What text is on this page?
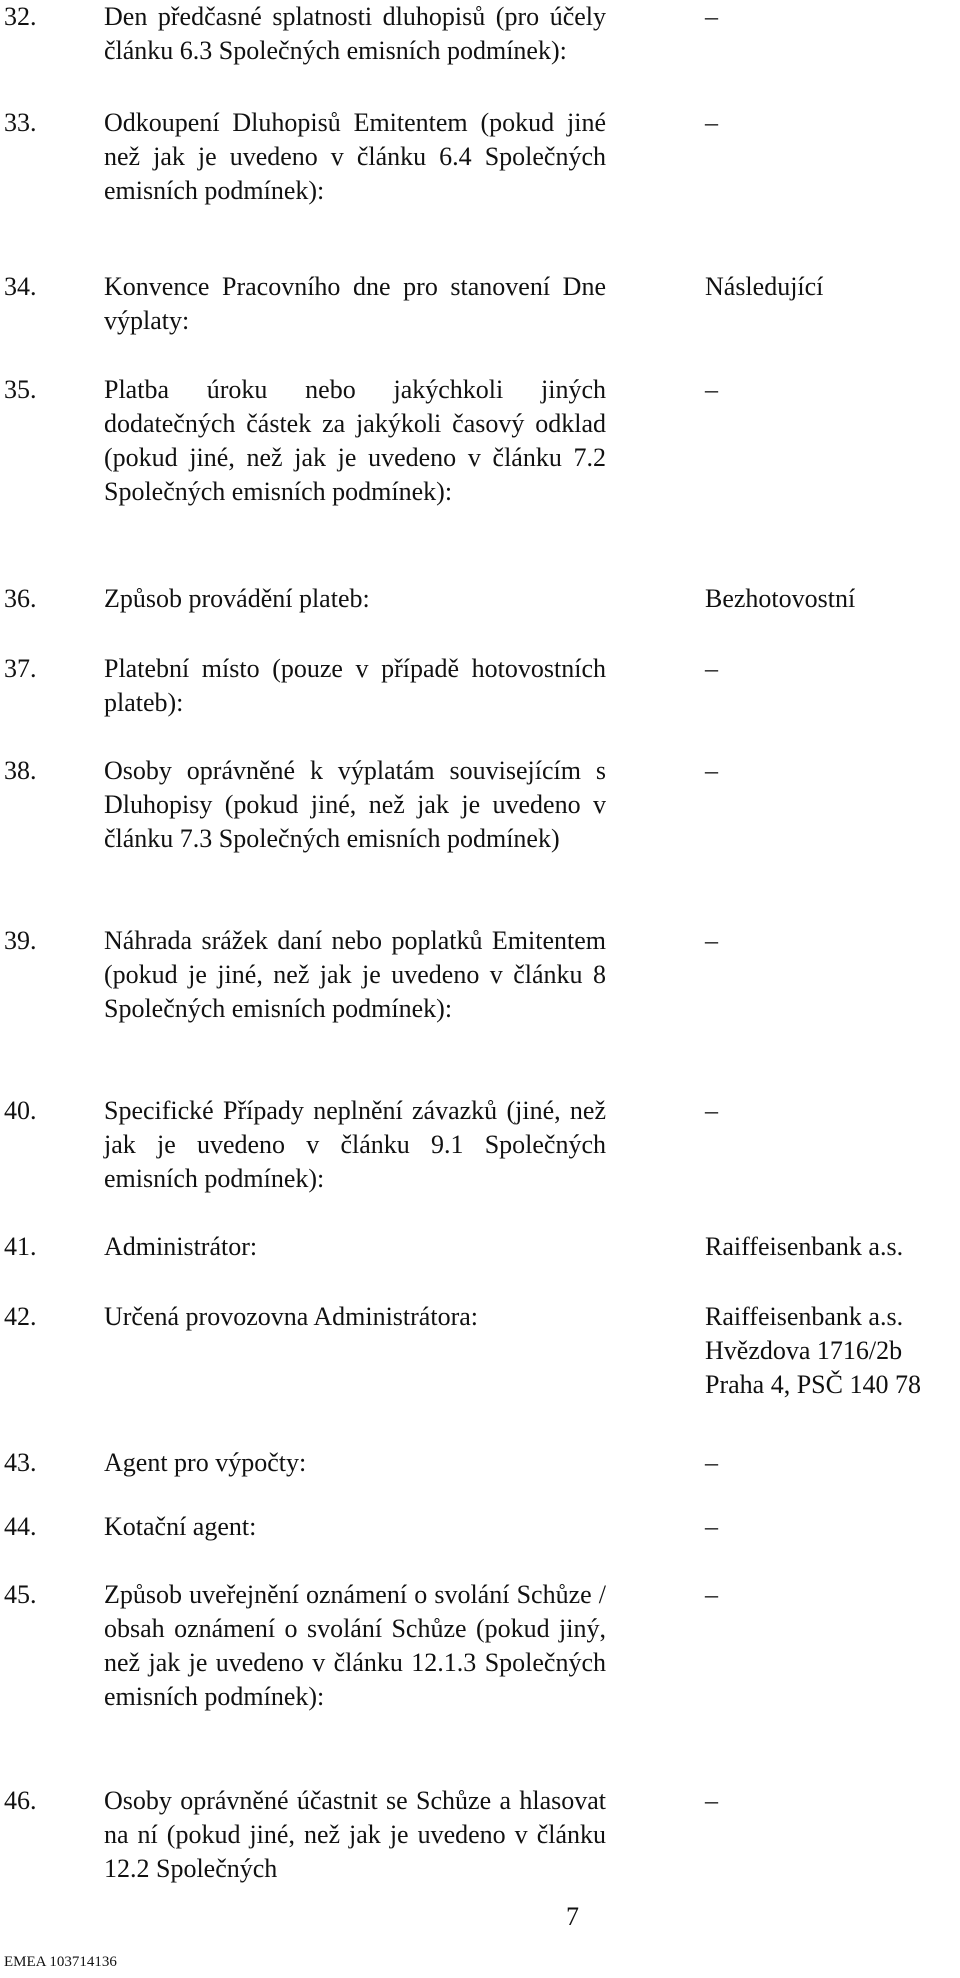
32.	Den předčasné splatnosti dluhopisů (pro účely článku 6.3 Společných emisních podmínek):
–
33.	Odkoupení Dluhopisů Emitentem (pokud jiné než jak je uvedeno v článku 6.4 Společných emisních podmínek):
–
34.	Konvence Pracovního dne pro stanovení Dne výplaty:
Následující
35.	Platba úroku nebo jakýchkoli jiných dodatečných částek za jakýkoli časový odklad (pokud jiné, než jak je uvedeno v článku 7.2 Společných emisních podmínek):
–
36.	Způsob provádění plateb:	Bezhotovostní
37.	Platební místo (pouze v případě hotovostních plateb):
–
38.	Osoby oprávněné k výplatám souvisejícím s Dluhopisy (pokud jiné, než jak je uvedeno v článku 7.3 Společných emisních podmínek)
–
39.	Náhrada srážek daní nebo poplatků Emitentem (pokud je jiné, než jak je uvedeno v článku 8 Společných emisních podmínek):
–
40.	Specifické Případy neplnění závazků (jiné, než jak je uvedeno v článku 9.1 Společných emisních podmínek):
–
41.	Administrátor:	Raiffeisenbank a.s.
42.	Určená provozovna Administrátora:	Raiffeisenbank a.s.
Hvězdova 1716/2b
Praha 4, PSČ 140 78
43.	Agent pro výpočty:	–
44.	Kotační agent:	–
45.	Způsob uveřejnění oznámení o svolání Schůze / obsah oznámení o svolání Schůze (pokud jiný, než jak je uvedeno v článku 12.1.3 Společných emisních podmínek):
–
46.	Osoby oprávněné účastnit se Schůze a hlasovat na ní (pokud jiné, než jak je uvedeno v článku 12.2 Společných
–
7
EMEA 103714136
